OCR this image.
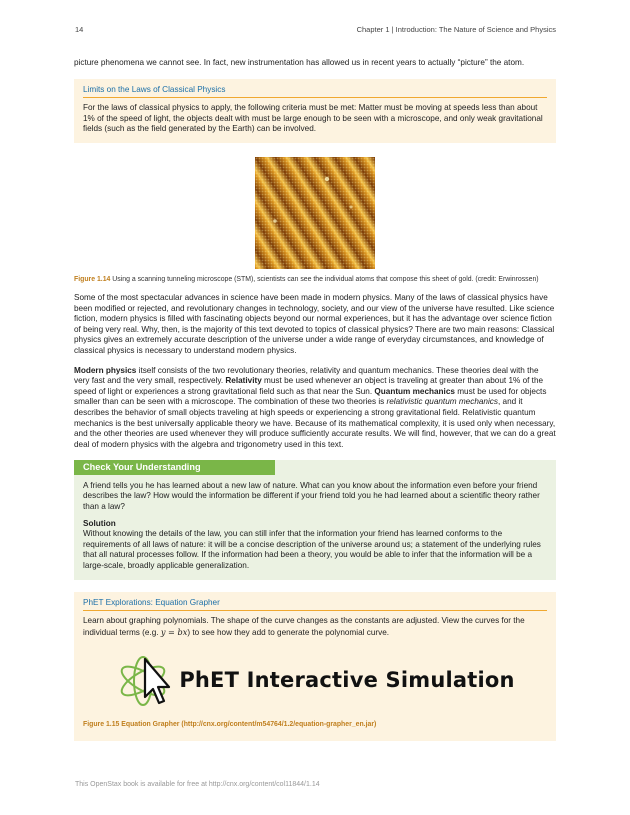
14	Chapter 1 | Introduction: The Nature of Science and Physics

picture phenomena we cannot see. In fact, new instrumentation has allowed us in recent years to actually “picture” the atom.

Limits on the Laws of Classical Physics

For the laws of classical physics to apply, the following criteria must be met: Matter must be moving at speeds less than about 1% of the speed of light, the objects dealt with must be large enough to be seen with a microscope, and only weak gravitational fields (such as the field generated by the Earth) can be involved.

Figure 1.14 Using a scanning tunneling microscope (STM), scientists can see the individual atoms that compose this sheet of gold. (credit: Erwinrossen)

Some of the most spectacular advances in science have been made in modern physics. Many of the laws of classical physics have been modified or rejected, and revolutionary changes in technology, society, and our view of the universe have resulted. Like science fiction, modern physics is filled with fascinating objects beyond our normal experiences, but it has the advantage over science fiction of being very real. Why, then, is the majority of this text devoted to topics of classical physics? There are two main reasons: Classical physics gives an extremely accurate description of the universe under a wide range of everyday circumstances, and knowledge of classical physics is necessary to understand modern physics.

Modern physics itself consists of the two revolutionary theories, relativity and quantum mechanics. These theories deal with the very fast and the very small, respectively. Relativity must be used whenever an object is traveling at greater than about 1% of the speed of light or experiences a strong gravitational field such as that near the Sun. Quantum mechanics must be used for objects smaller than can be seen with a microscope. The combination of these two theories is relativistic quantum mechanics, and it describes the behavior of small objects traveling at high speeds or experiencing a strong gravitational field. Relativistic quantum mechanics is the best universally applicable theory we have. Because of its mathematical complexity, it is used only when necessary, and the other theories are used whenever they will produce sufficiently accurate results. We will find, however, that we can do a great deal of modern physics with the algebra and trigonometry used in this text.

Check Your Understanding

A friend tells you he has learned about a new law of nature. What can you know about the information even before your friend describes the law? How would the information be different if your friend told you he had learned about a scientific theory rather than a law?

Solution

Without knowing the details of the law, you can still infer that the information your friend has learned conforms to the requirements of all laws of nature: it will be a concise description of the universe around us; a statement of the underlying rules that all natural processes follow. If the information had been a theory, you would be able to infer that the information will be a large-scale, broadly applicable generalization.

PhET Explorations: Equation Grapher

Learn about graphing polynomials. The shape of the curve changes as the constants are adjusted. View the curves for the individual terms (e.g. y = bx) to see how they add to generate the polynomial curve.

PhET Interactive Simulation
Figure 1.15 Equation Grapher (http://cnx.org/content/m54764/1.2/equation-grapher_en.jar)
This OpenStax book is available for free at http://cnx.org/content/col11844/1.14
